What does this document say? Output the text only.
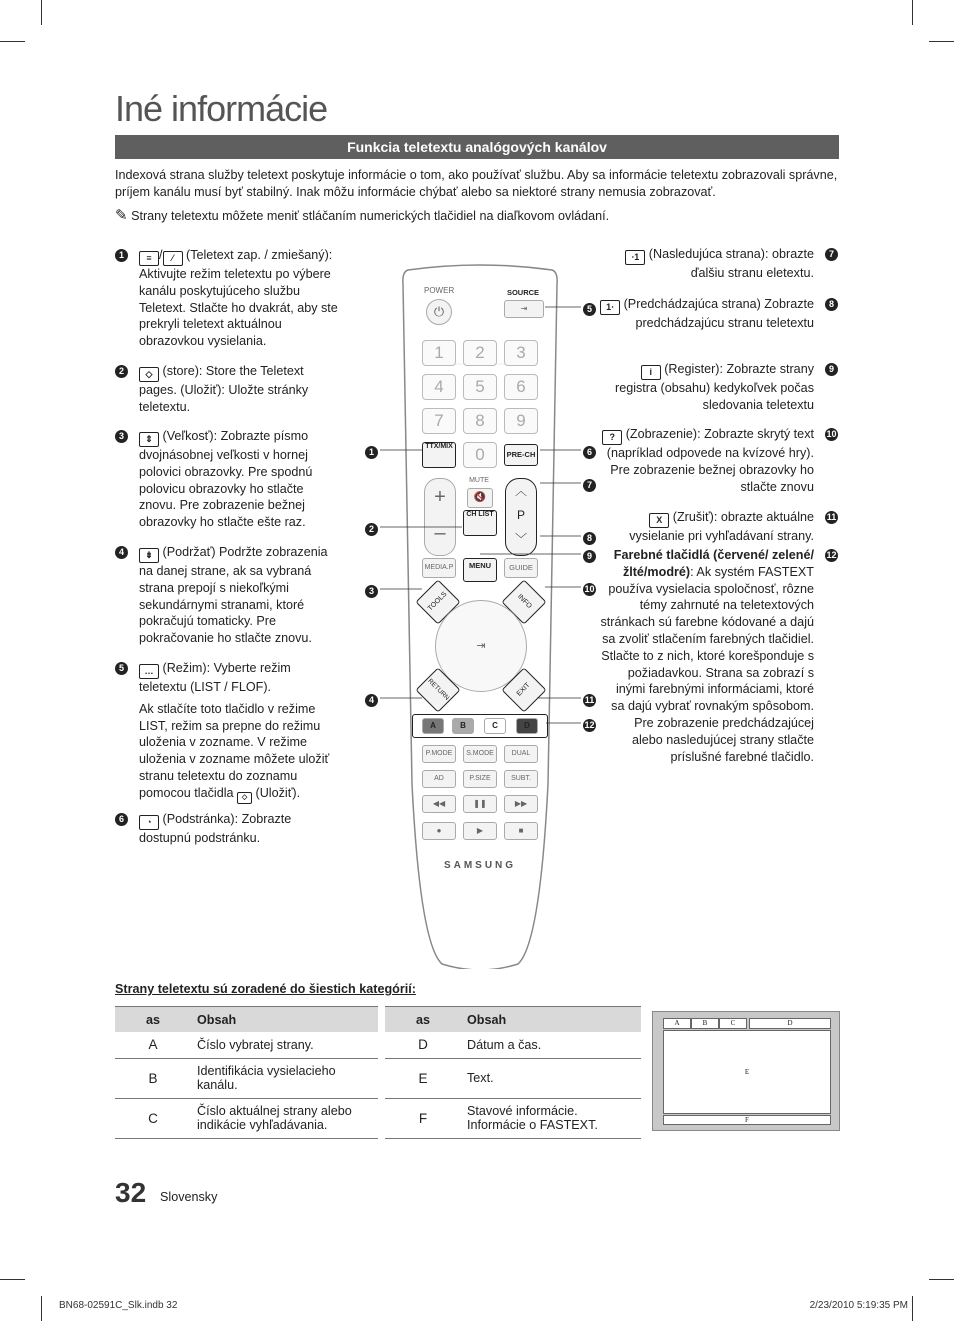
Iné informácie
Funkcia teletextu analógových kanálov
Indexová strana služby teletext poskytuje informácie o tom, ako používať službu. Aby sa informácie teletextu zobrazovali správne, príjem kanálu musí byť stabilný. Inak môžu informácie chýbať alebo sa niektoré strany nemusia zobrazovať.
✎ Strany teletextu môžete meniť stláčaním numerických tlačidiel na diaľkovom ovládaní.
1	≡ / ⁄ (Teletext zap. / zmiešaný): Aktivujte režim teletextu po výbere kanálu poskytujúceho službu Teletext. Stlačte ho dvakrát, aby ste prekryli teletext aktuálnou obrazovkou vysielania.
2	◇ (store): Store the Teletext pages. (Uložiť): Uložte stránky teletextu.
3	⇕ (Veľkosť): Zobrazte písmo dvojnásobnej veľkosti v hornej polovici obrazovky. Pre spodnú polovicu obrazovky ho stlačte znovu. Pre zobrazenie bežnej obrazovky ho stlačte ešte raz.
4	⇟ (Podržať) Podržte zobrazenia na danej strane, ak sa vybraná strana prepojí s niekoľkými sekundárnymi stranami, ktoré pokračujú tomaticky. Pre pokračovanie ho stlačte znovu.
5	… (Režim): Vyberte režim teletextu (LIST / FLOF).
Ak stlačíte toto tlačidlo v režime LIST, režim sa prepne do režimu uloženia v zozname. V režime uloženia v zozname môžete uložiť stranu teletextu do zoznamu pomocou tlačidla ◇ (Uložiť).
6	◔ (Podstránka): Zobrazte dostupnú podstránku.
POWER
⏻
SOURCE
⇥
1	2	3
4	5	6
7	8	9
TTX/MIX	0	PRE-CH
+
–
MUTE
🔇
CH LIST
︿
P
﹀
MEDIA.P	MENU	GUIDE
TOOLS	INFO
⇥
RETURN	EXIT
A	B	C	D
P.MODE	S.MODE	DUAL
AD	P.SIZE	SUBT.
◀◀	❚❚	▶▶
●	▶	■
SAMSUNG
1
2
3
4
5
6
7
8
9
10
11
12
⋅1 (Nasledujúca strana): obrazte ďalšiu stranu eletextu.
7
1⋅ (Predchádzajúca strana) Zobrazte predchádzajúcu stranu teletextu
8
i (Register): Zobrazte strany registra (obsahu) kedykoľvek počas sledovania teletextu
9
? (Zobrazenie): Zobrazte skrytý text (napríklad odpovede na kvízové hry). Pre zobrazenie bežnej obrazovky ho stlačte znovu
10
X (Zrušiť): obrazte aktuálne vysielanie pri vyhľadávaní strany.
11
Farebné tlačidlá (červené/ zelené/žlté/modré): Ak systém FASTEXT používa vysielacia spoločnosť, rôzne témy zahrnuté na teletextových stránkach sú farebne kódované a dajú sa zvoliť stlačením farebných tlačidiel. Stlačte to z nich, ktoré korešponduje s požiadavkou. Strana sa zobrazí s inými farebnými informáciami, ktoré sa dajú vybrať rovnakým spôsobom. Pre zobrazenie predchádzajúcej alebo nasledujúcej strany stlačte príslušné farebné tlačidlo.
12
Strany teletextu sú zoradené do šiestich kategórií:
as	Obsah
A	Číslo vybratej strany.
B	Identifikácia vysielacieho kanálu.
C	Číslo aktuálnej strany alebo indikácie vyhľadávania.
as	Obsah
D	Dátum a čas.
E	Text.
F	Stavové informácie. Informácie o FASTEXT.
A	B	C	D
E
F
32 Slovensky
BN68-02591C_Slk.indb 32	2/23/2010 5:19:35 PM
